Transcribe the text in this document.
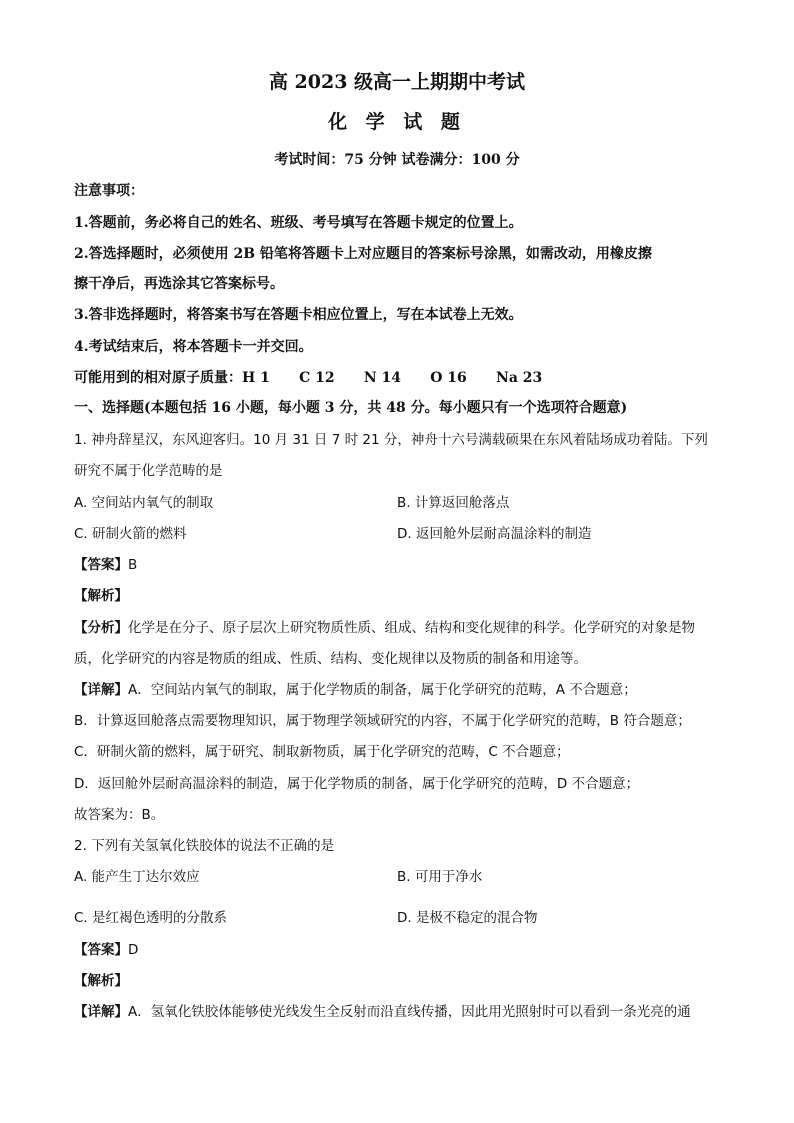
高 2023 级高一上期期中考试
化 学 试 题
考试时间：75 分钟 试卷满分：100 分
注意事项：
1.答题前，务必将自己的姓名、班级、考号填写在答题卡规定的位置上。
2.答选择题时，必须使用 2B 铅笔将答题卡上对应题目的答案标号涂黑，如需改动，用橡皮擦
擦干净后，再选涂其它答案标号。
3.答非选择题时，将答案书写在答题卡相应位置上，写在本试卷上无效。
4.考试结束后，将本答题卡一并交回。
可能用到的相对原子质量：H 1      C 12      N 14      O 16      Na 23
一、选择题(本题包括 16 小题，每小题 3 分，共 48 分。每小题只有一个选项符合题意)
1. 神舟辞星汉，东风迎客归。10 月 31 日 7 时 21 分，神舟十六号满载硕果在东风着陆场成功着陆。下列
研究不属于化学范畴的是
A. 空间站内氧气的制取	B. 计算返回舱落点
C. 研制火箭的燃料	D. 返回舱外层耐高温涂料的制造
【答案】B
【解析】
【分析】化学是在分子、原子层次上研究物质性质、组成、结构和变化规律的科学。化学研究的对象是物
质，化学研究的内容是物质的组成、性质、结构、变化规律以及物质的制备和用途等。
【详解】A．空间站内氧气的制取，属于化学物质的制备，属于化学研究的范畴，A 不合题意；
B．计算返回舱落点需要物理知识，属于物理学领域研究的内容，不属于化学研究的范畴，B 符合题意；
C．研制火箭的燃料，属于研究、制取新物质，属于化学研究的范畴，C 不合题意；
D．返回舱外层耐高温涂料的制造，属于化学物质的制备，属于化学研究的范畴，D 不合题意；
故答案为：B。
2. 下列有关氢氧化铁胶体的说法不正确的是
A. 能产生丁达尔效应	B. 可用于净水
C. 是红褐色透明的分散系	D. 是极不稳定的混合物
【答案】D
【解析】
【详解】A．氢氧化铁胶体能够使光线发生全反射而沿直线传播，因此用光照射时可以看到一条光亮的通
